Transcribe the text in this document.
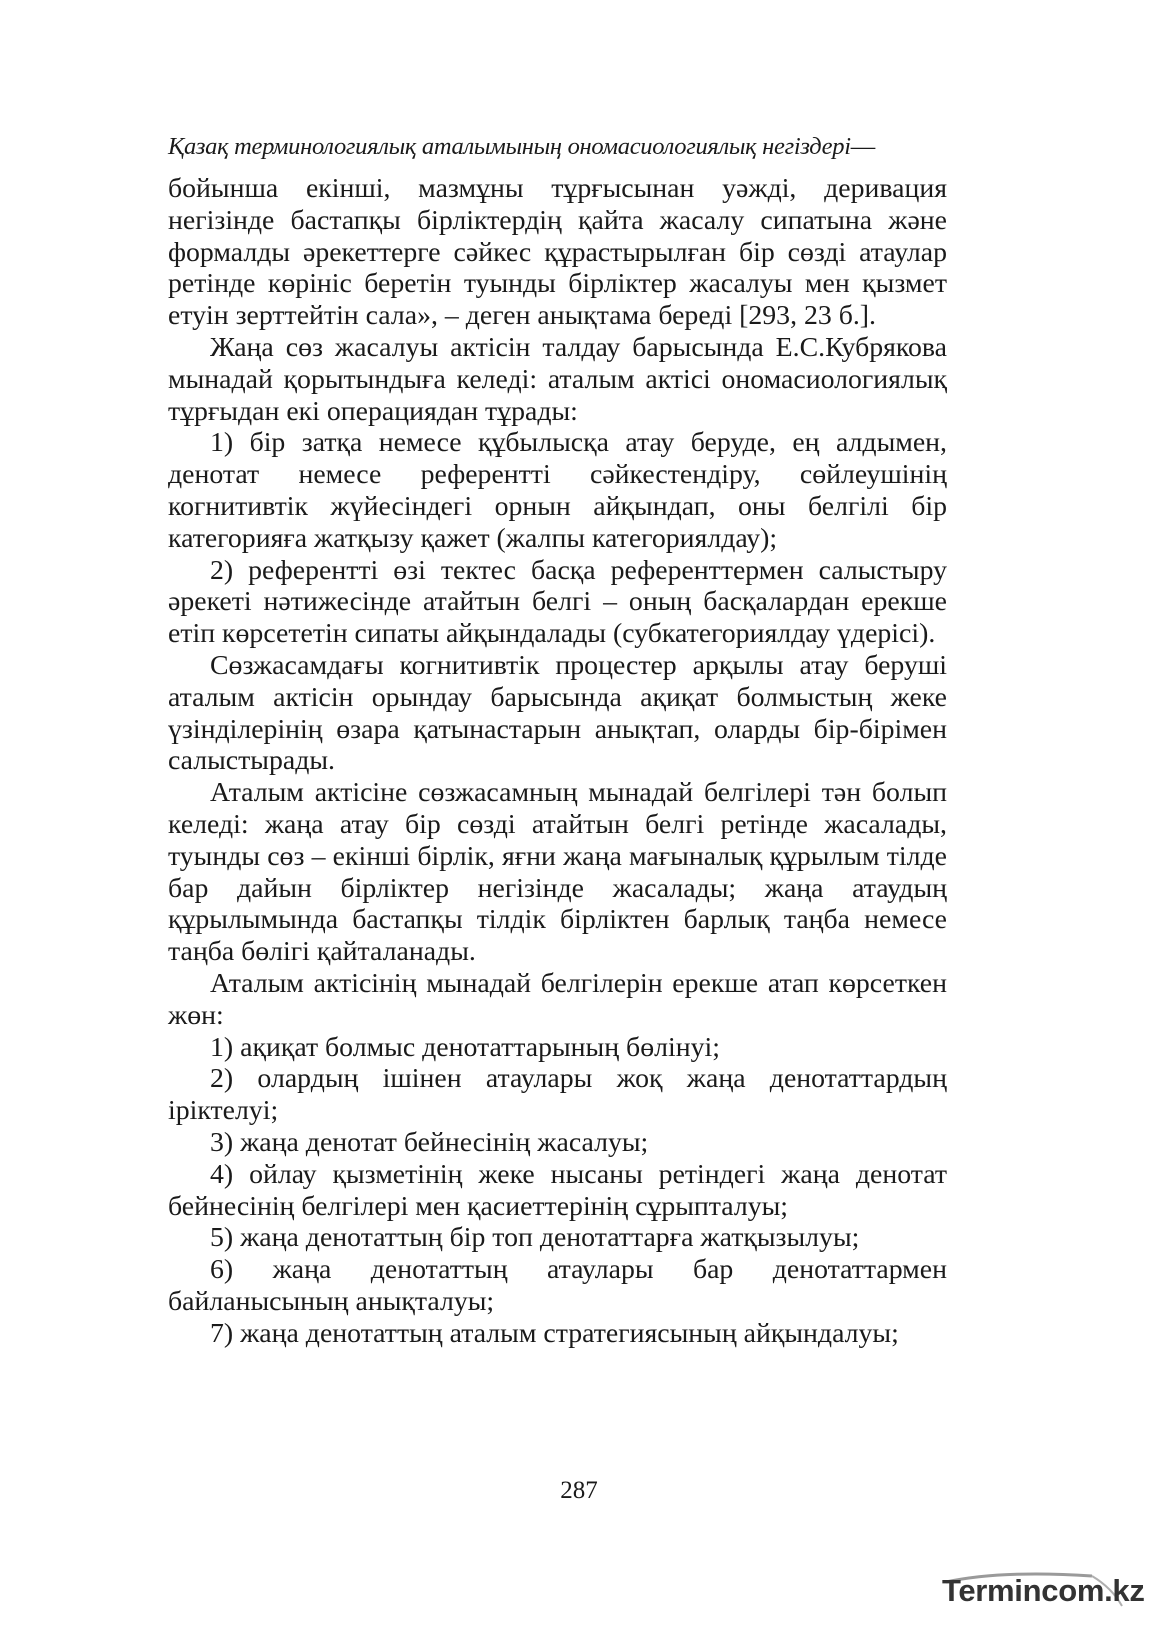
Қазақ терминологиялық аталымының ономасиологиялық негіздері—

бойынша екінші, мазмұны тұрғысынан уәжді, деривация негізінде бастапқы бірліктердің қайта жасалу сипатына және формалды әрекеттерге сәйкес құрастырылған бір сөзді атаулар ретінде көрініс беретін туынды бірліктер жасалуы мен қызмет етуін зерттейтін сала», – деген анықтама береді [293, 23 б.].

Жаңа сөз жасалуы актісін талдау барысында Е.С.Кубрякова мынадай қорытындыға келеді: аталым актісі ономасиологиялық тұрғыдан екі операциядан тұрады:

1) бір затқа немесе құбылысқа атау беруде, ең алдымен, денотат немесе референтті сәйкестендіру, сөйлеушінің когнитивтік жүйесіндегі орнын айқындап, оны белгілі бір категорияға жатқызу қажет (жалпы категориялдау);

2) референтті өзі тектес басқа референттермен салыстыру әрекеті нәтижесінде атайтын белгі – оның басқалардан ерекше етіп көрсететін сипаты айқындалады (субкатегориялдау үдерісі).

Сөзжасамдағы когнитивтік процестер арқылы атау беруші аталым актісін орындау барысында ақиқат болмыстың жеке үзінділерінің өзара қатынастарын анықтап, оларды бір-бірімен салыстырады.

Аталым актісіне сөзжасамның мынадай белгілері тән болып келеді: жаңа атау бір сөзді атайтын белгі ретінде жасалады, туынды сөз – екінші бірлік, яғни жаңа мағыналық құрылым тілде бар дайын бірліктер негізінде жасалады; жаңа атаудың құрылымында бастапқы тілдік бірліктен барлық таңба немесе таңба бөлігі қайталанады.

Аталым актісінің мынадай белгілерін ерекше атап көрсеткен жөн:

1) ақиқат болмыс денотаттарының бөлінуі;

2) олардың ішінен атаулары жоқ жаңа денотаттардың іріктелуі;

3) жаңа денотат бейнесінің жасалуы;

4) ойлау қызметінің жеке нысаны ретіндегі жаңа денотат бейнесінің белгілері мен қасиеттерінің сұрыпталуы;

5) жаңа денотаттың бір топ денотаттарға жатқызылуы;

6) жаңа денотаттың атаулары бар денотаттармен байланысының анықталуы;

7) жаңа денотаттың аталым стратегиясының айқындалуы;

287
Termincom.kz
